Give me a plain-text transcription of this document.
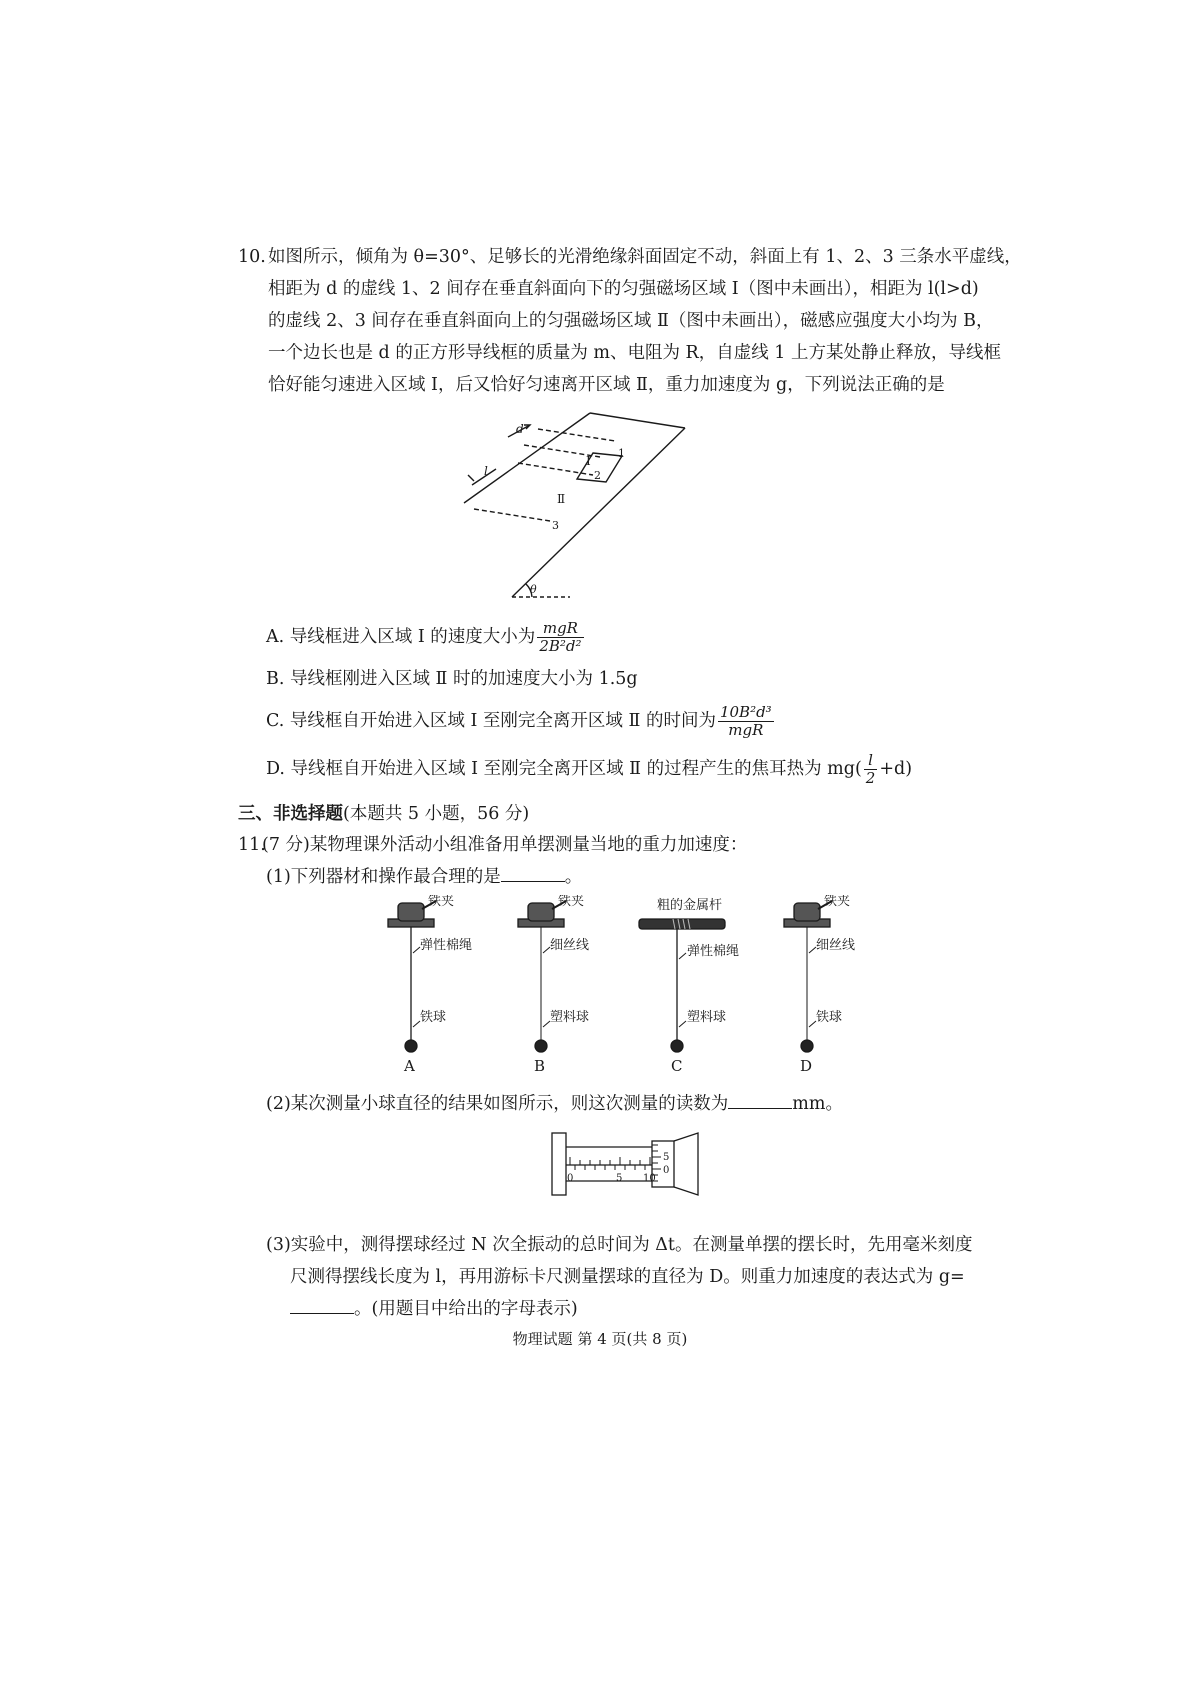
10. 如图所示，倾角为 θ=30°、足够长的光滑绝缘斜面固定不动，斜面上有 1、2、3 三条水平虚线，
相距为 d 的虚线 1、2 间存在垂直斜面向下的匀强磁场区域 Ⅰ（图中未画出），相距为 l(l>d)
的虚线 2、3 间存在垂直斜面向上的匀强磁场区域 Ⅱ（图中未画出），磁感应强度大小均为 B，
一个边长也是 d 的正方形导线框的质量为 m、电阻为 R，自虚线 1 上方某处静止释放，导线框
恰好能匀速进入区域 Ⅰ，后又恰好匀速离开区域 Ⅱ，重力加速度为 g，下列说法正确的是
d
l
Ⅰ
Ⅱ
1
2
3
θ
A. 导线框进入区域 Ⅰ 的速度大小为 $\frac{\text{mgR}}{\text{2B²d²}}$
B. 导线框刚进入区域 Ⅱ 时的加速度大小为 1.5g
C. 导线框自开始进入区域 Ⅰ 至刚完全离开区域 Ⅱ 的时间为 $\frac{\text{10B²d³}}{\text{mgR}}$
D. 导线框自开始进入区域 Ⅰ 至刚完全离开区域 Ⅱ 的过程产生的焦耳热为 $mg( \frac{l}{2} +d)$
三、非选择题(本题共 5 小题，56 分)
11.
(7 分)某物理课外活动小组准备用单摆测量当地的重力加速度：
(1)下列器材和操作最合理的是	。
铁夹
弹性棉绳
铁球
A
铁夹
细丝线
塑料球
B
粗的金属杆
弹性棉绳
塑料球
C
铁夹
细丝线
铁球
D
(2)某次测量小球直径的结果如图所示，则这次测量的读数为	mm。
0	5 10
5
0
(3)实验中，测得摆球经过 N 次全振动的总时间为 Δt。在测量单摆的摆长时，先用毫米刻度
尺测得摆线长度为 l，再用游标卡尺测量摆球的直径为 D。则重力加速度的表达式为 g=
。(用题目中给出的字母表示)
物理试题 第 4 页(共 8 页)
